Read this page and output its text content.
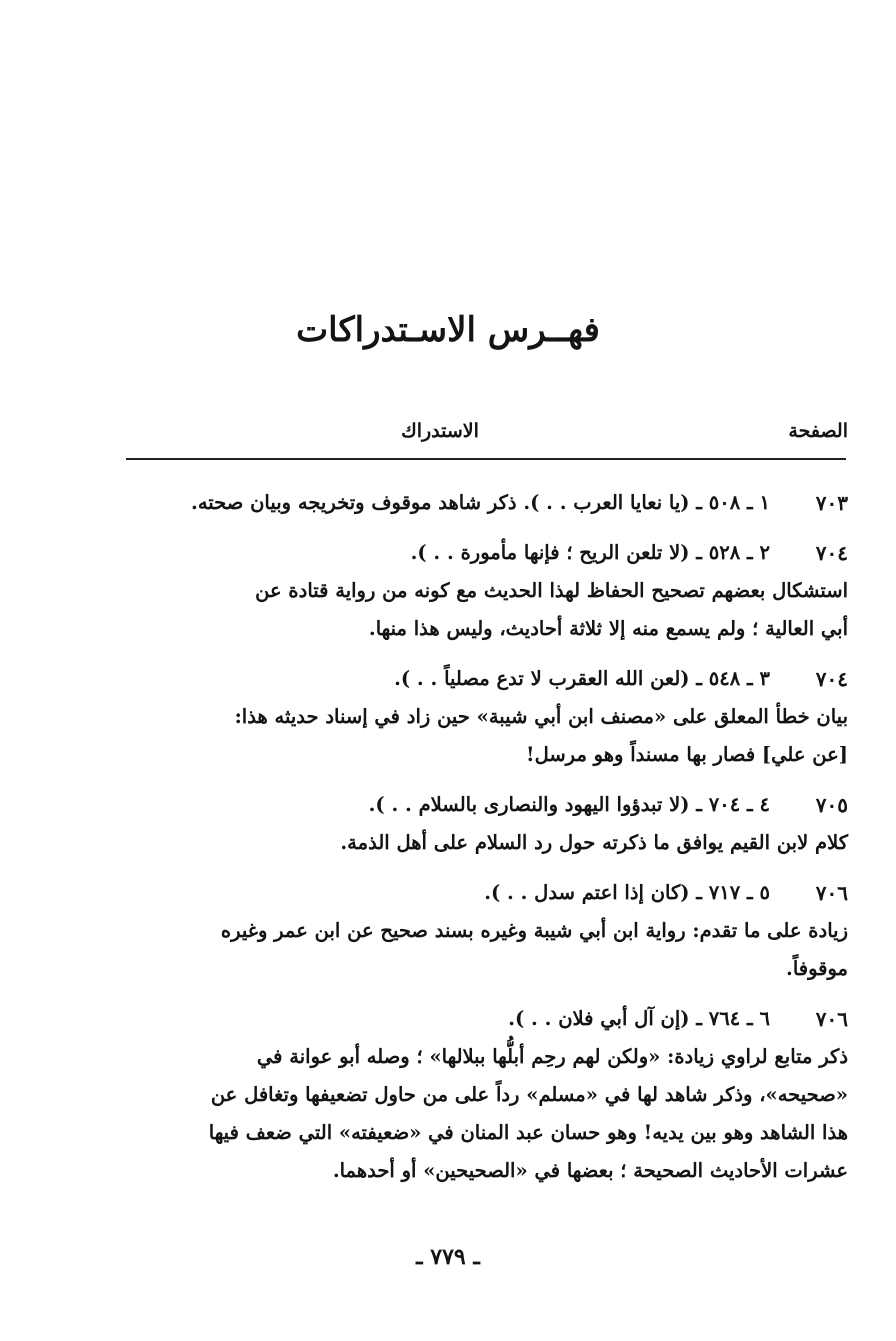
فهــرس الاسـتدراكات
الصفحة
الاستدراك
٧٠٣
١ ـ ٥٠٨ ـ (يا نعايا العرب . . ). ذكر شاهد موقوف وتخريجه وبيان صحته.
٧٠٤
٢ ـ ٥٢٨ ـ (لا تلعن الريح ؛ فإنها مأمورة . . ).
استشكال بعضهم تصحيح الحفاظ لهذا الحديث مع كونه من رواية قتادة عن
أبي العالية ؛ ولم يسمع منه إلا ثلاثة أحاديث، وليس هذا منها.
٧٠٤
٣ ـ ٥٤٨ ـ (لعن الله العقرب لا تدع مصلياً . . ).
بيان خطأ المعلق على «مصنف ابن أبي شيبة» حين زاد في إسناد حديثه هذا:
[عن علي] فصار بها مسنداً وهو مرسل!
٧٠٥
٤ ـ ٧٠٤ ـ (لا تبدؤوا اليهود والنصارى بالسلام . . ).
كلام لابن القيم يوافق ما ذكرته حول رد السلام على أهل الذمة.
٧٠٦
٥ ـ ٧١٧ ـ (كان إذا اعتم سدل . . ).
زيادة على ما تقدم: رواية ابن أبي شيبة وغيره بسند صحيح عن ابن عمر وغيره
موقوفاً.
٧٠٦
٦ ـ ٧٦٤ ـ (إن آل أبي فلان . . ).
ذكر متابع لراوي زيادة: «ولكن لهم رحِم أبلُّها ببلالها» ؛ وصله أبو عوانة في
«صحيحه»، وذكر شاهد لها في «مسلم» رداً على من حاول تضعيفها وتغافل عن
هذا الشاهد وهو بين يديه! وهو حسان عبد المنان في «ضعيفته» التي ضعف فيها
عشرات الأحاديث الصحيحة ؛ بعضها في «الصحيحين» أو أحدهما.
ـ ٧٧٩ ـ
